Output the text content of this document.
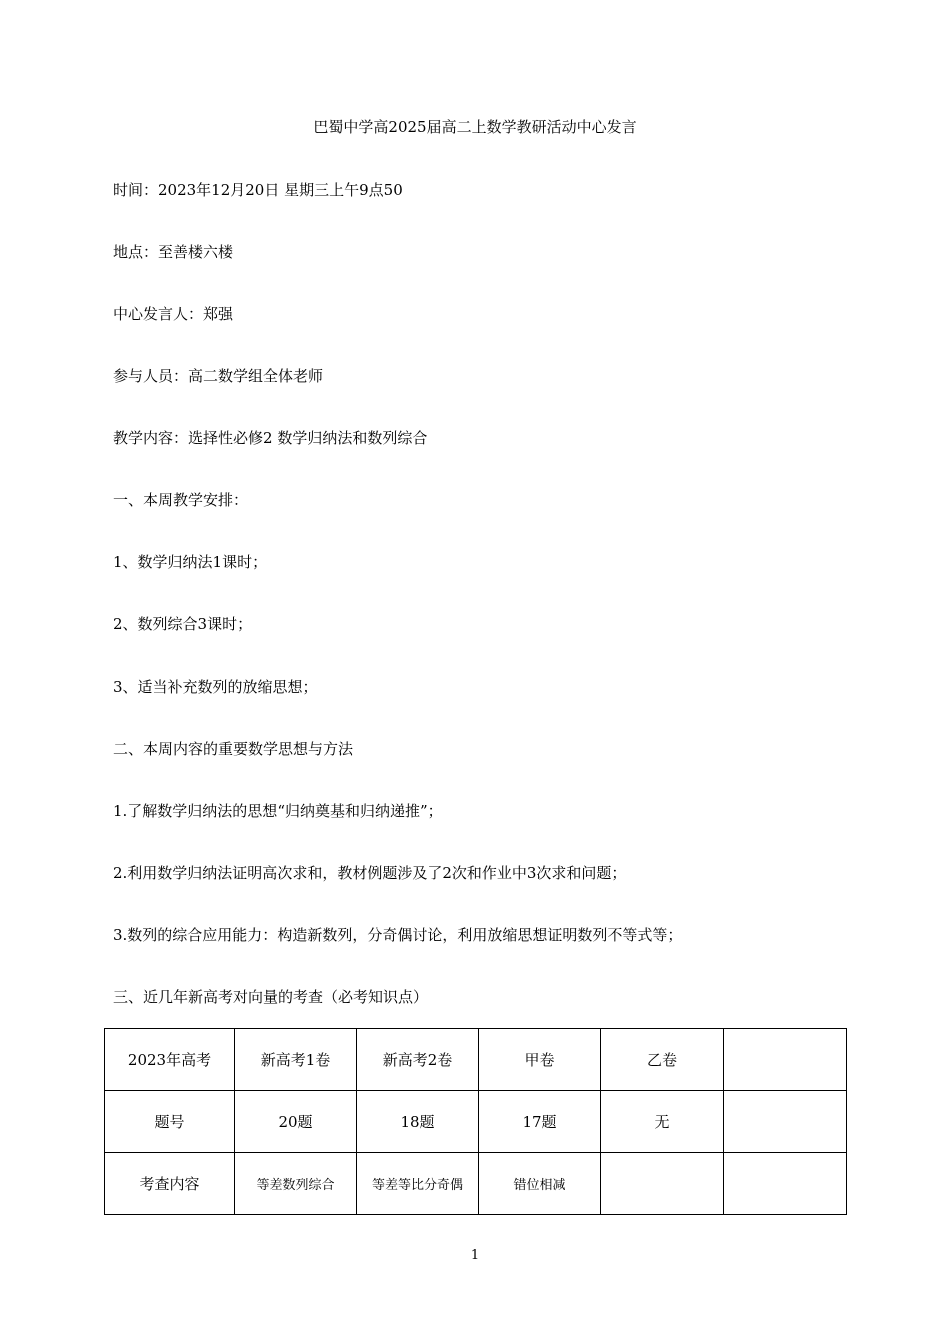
巴蜀中学高2025届高二上数学教研活动中心发言
时间：2023年12月20日 星期三上午9点50
地点：至善楼六楼
中心发言人：郑强
参与人员：高二数学组全体老师
教学内容：选择性必修2 数学归纳法和数列综合
一、本周教学安排：
1、数学归纳法1课时；
2、数列综合3课时；
3、适当补充数列的放缩思想；
二、本周内容的重要数学思想与方法
1.了解数学归纳法的思想“归纳奠基和归纳递推”；
2.利用数学归纳法证明高次求和，教材例题涉及了2次和作业中3次求和问题；
3.数列的综合应用能力：构造新数列，分奇偶讨论，利用放缩思想证明数列不等式等；
三、近几年新高考对向量的考查（必考知识点）
2023年高考	新高考1卷	新高考2卷	甲卷	乙卷	
题号	20题	18题	17题	无	
考查内容	等差数列综合	等差等比分奇偶	错位相减		
1
